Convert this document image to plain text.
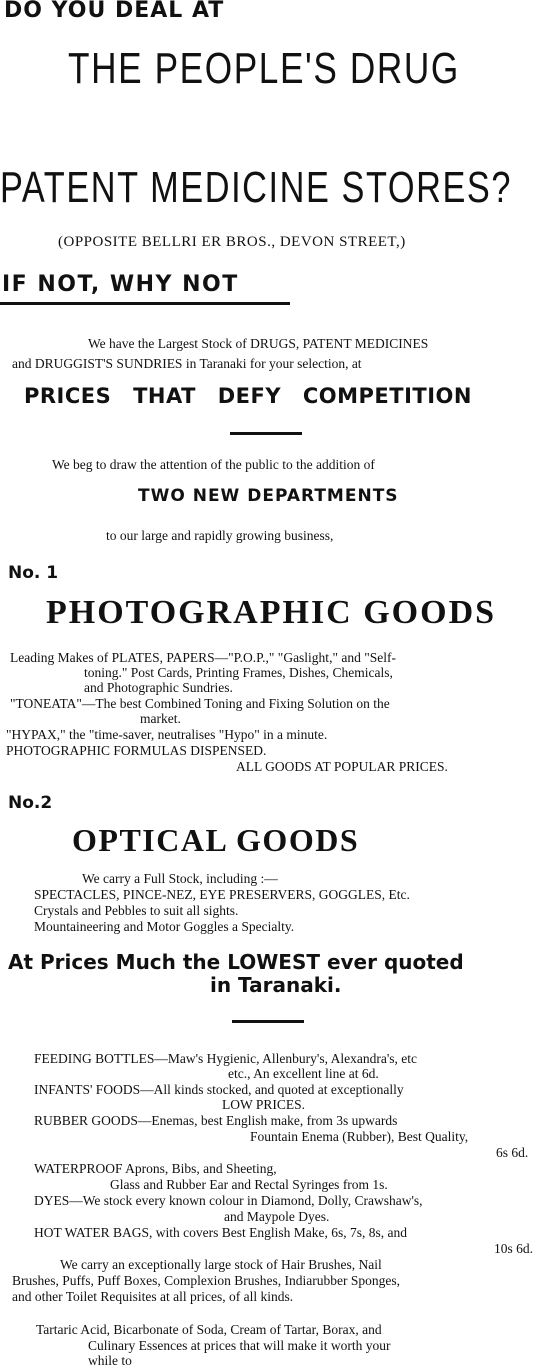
DO YOU DEAL AT
THE PEOPLE'S DRUG
PATENT MEDICINE STORES?
(OPPOSITE BELLRI ER BROS., DEVON STREET,)
IF NOT, WHY NOT
We have the Largest Stock of DRUGS, PATENT MEDICINES
and DRUGGIST'S SUNDRIES in Taranaki for your selection, at
PRICES THAT DEFY COMPETITION
We beg to draw the attention of the public to the addition of
TWO NEW DEPARTMENTS
to our large and rapidly growing business,
No. 1
PHOTOGRAPHIC GOODS
Leading Makes of PLATES, PAPERS—"P.O.P.," "Gaslight," and "Self-
toning." Post Cards, Printing Frames, Dishes, Chemicals,
and Photographic Sundries.
"TONEATA"—The best Combined Toning and Fixing Solution on the
market.
"HYPAX," the "time-saver, neutralises "Hypo" in a minute.
PHOTOGRAPHIC FORMULAS DISPENSED.
ALL GOODS AT POPULAR PRICES.
No.2
OPTICAL GOODS
We carry a Full Stock, including :—
SPECTACLES, PINCE-NEZ, EYE PRESERVERS, GOGGLES, Etc.
Crystals and Pebbles to suit all sights.
Mountaineering and Motor Goggles a Specialty.
At Prices Much the LOWEST ever quoted
in Taranaki.
FEEDING BOTTLES—Maw's Hygienic, Allenbury's, Alexandra's, etc
etc., An excellent line at 6d.
INFANTS' FOODS—All kinds stocked, and quoted at exceptionally
LOW PRICES.
RUBBER GOODS—Enemas, best English make, from 3s upwards
Fountain Enema (Rubber), Best Quality,
6s 6d.
WATERPROOF Aprons, Bibs, and Sheeting,
Glass and Rubber Ear and Rectal Syringes from 1s.
DYES—We stock every known colour in Diamond, Dolly, Crawshaw's,
and Maypole Dyes.
HOT WATER BAGS, with covers Best English Make, 6s, 7s, 8s, and
10s 6d.
We carry an exceptionally large stock of Hair Brushes, Nail
Brushes, Puffs, Puff Boxes, Complexion Brushes, Indiarubber Sponges,
and other Toilet Requisites at all prices, of all kinds.
Tartaric Acid, Bicarbonate of Soda, Cream of Tartar, Borax, and
Culinary Essences at prices that will make it worth your
while to
